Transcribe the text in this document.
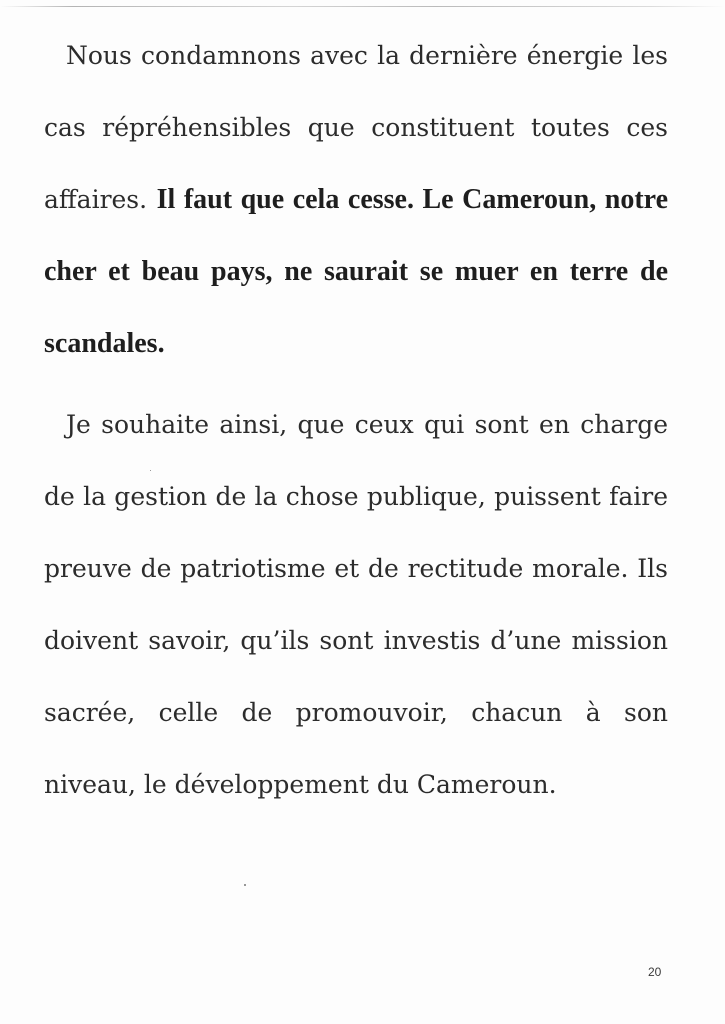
Nous condamnons avec la dernière énergie les cas répréhensibles que constituent toutes ces affaires. Il faut que cela cesse. Le Cameroun, notre cher et beau pays, ne saurait se muer en terre de scandales.

Je souhaite ainsi, que ceux qui sont en charge de la gestion de la chose publique, puissent faire preuve de patriotisme et de rectitude morale. Ils doivent savoir, qu’ils sont investis d’une mission sacrée, celle de promouvoir, chacun à son niveau, le développement du Cameroun.

20
